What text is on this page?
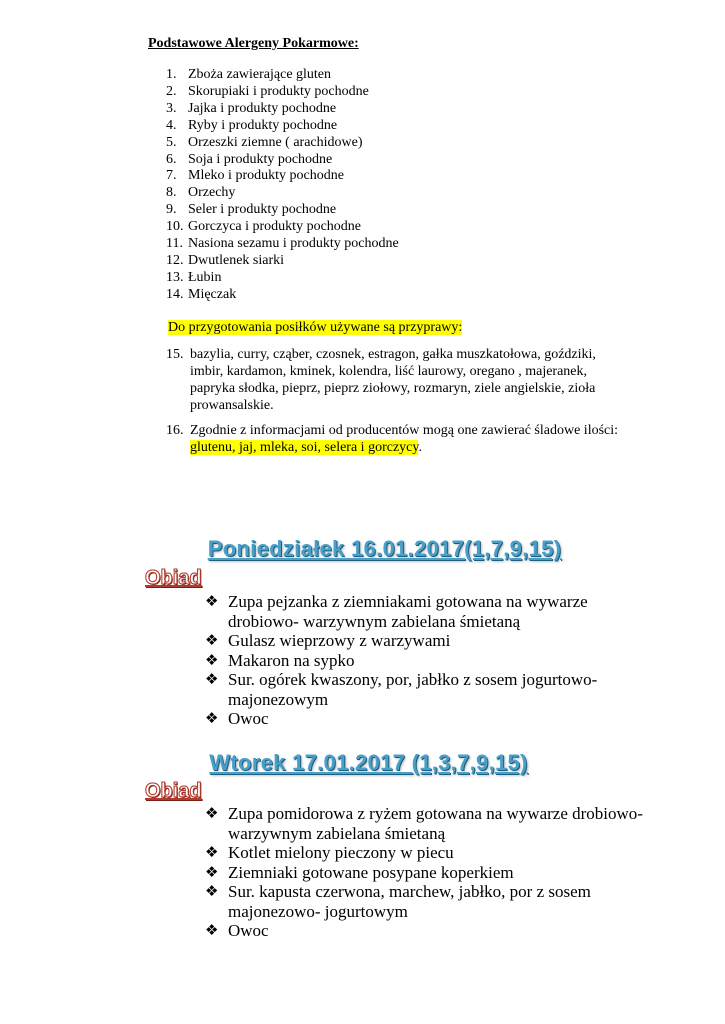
Podstawowe Alergeny Pokarmowe:
1. Zboża zawierające gluten
2. Skorupiaki i produkty pochodne
3. Jajka i produkty pochodne
4. Ryby i produkty pochodne
5. Orzeszki ziemne ( arachidowe)
6. Soja i produkty pochodne
7. Mleko i produkty pochodne
8. Orzechy
9. Seler i produkty pochodne
10. Gorczyca i produkty pochodne
11. Nasiona sezamu i produkty pochodne
12. Dwutlenek siarki
13. Łubin
14. Mięczak
Do przygotowania posiłków używane są przyprawy:
15. bazylia, curry, cząber, czosnek, estragon, gałka muszkatołowa, goździki, imbir, kardamon, kminek, kolendra, liść laurowy, oregano , majeranek, papryka słodka, pieprz, pieprz ziołowy, rozmaryn, ziele angielskie, zioła prowansalskie.
16. Zgodnie z informacjami od producentów mogą one zawierać śladowe ilości:
glutenu, jaj, mleka, soi, selera i gorczycy.
Poniedziałek 16.01.2017(1,7,9,15)
Obiad
❖ Zupa pejzanka z ziemniakami gotowana na wywarze drobiowo- warzywnym zabielana śmietaną
❖ Gulasz wieprzowy z warzywami
❖ Makaron na sypko
❖ Sur. ogórek kwaszony, por, jabłko z sosem jogurtowo-majonezowym
❖ Owoc
Wtorek 17.01.2017 (1,3,7,9,15)
Obiad
❖ Zupa pomidorowa z ryżem gotowana na wywarze drobiowo- warzywnym zabielana śmietaną
❖ Kotlet mielony pieczony w piecu
❖ Ziemniaki gotowane posypane koperkiem
❖ Sur. kapusta czerwona, marchew, jabłko, por z sosem majonezowo- jogurtowym
❖ Owoc
